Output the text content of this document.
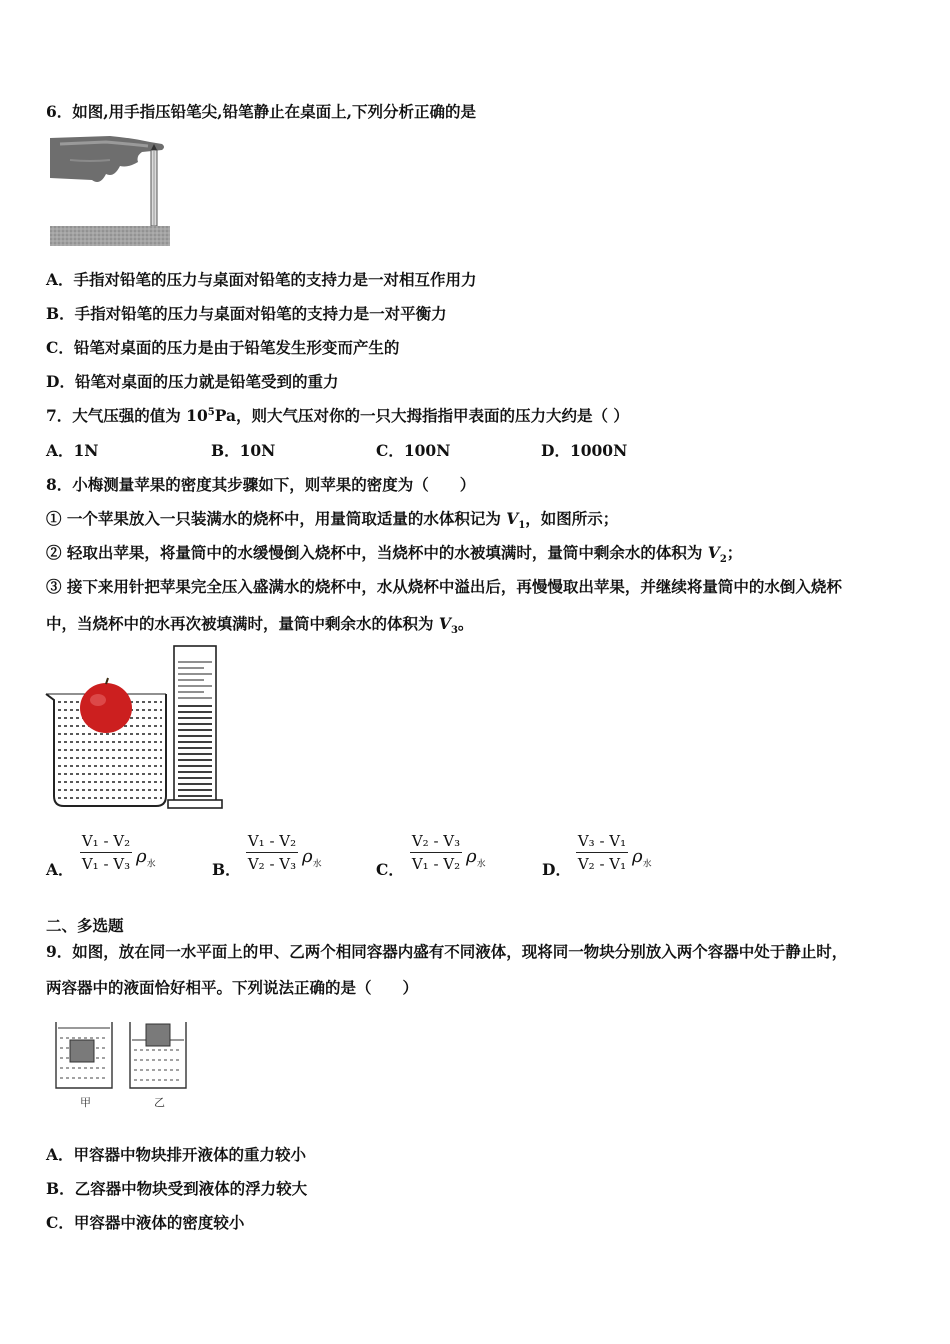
6．如图,用手指压铅笔尖,铅笔静止在桌面上,下列分析正确的是
A．手指对铅笔的压力与桌面对铅笔的支持力是一对相互作用力
B．手指对铅笔的压力与桌面对铅笔的支持力是一对平衡力
C．铅笔对桌面的压力是由于铅笔发生形变而产生的
D．铅笔对桌面的压力就是铅笔受到的重力
7．大气压强的值为 $10^5Pa$，则大气压对你的一只大拇指指甲表面的压力大约是（ ）
A．1N	B．10N	C．100N	D．1000N
8．小梅测量苹果的密度其步骤如下，则苹果的密度为（　　）
① 一个苹果放入一只装满水的烧杯中，用量筒取适量的水体积记为 $V_1$，如图所示；
② 轻取出苹果，将量筒中的水缓慢倒入烧杯中，当烧杯中的水被填满时，量筒中剩余水的体积为 $V_2$；
③ 接下来用针把苹果完全压入盛满水的烧杯中，水从烧杯中溢出后，再慢慢取出苹果，并继续将量筒中的水倒入烧杯
中，当烧杯中的水再次被填满时，量筒中剩余水的体积为 $V_3$。
A．
V₁ - V₂
V₁ - V₃ $\rho_水$	B．
V₁ - V₂
V₂ - V₃ $\rho_水$	C．
V₂ - V₃
V₁ - V₂ $\rho_水$	D．
V₃ - V₁
V₂ - V₁ $\rho_水$
二、多选题
9．如图，放在同一水平面上的甲、乙两个相同容器内盛有不同液体，现将同一物块分别放入两个容器中处于静止时，
两容器中的液面恰好相平。下列说法正确的是（　　）
甲	乙
A．甲容器中物块排开液体的重力较小
B．乙容器中物块受到液体的浮力较大
C．甲容器中液体的密度较小
